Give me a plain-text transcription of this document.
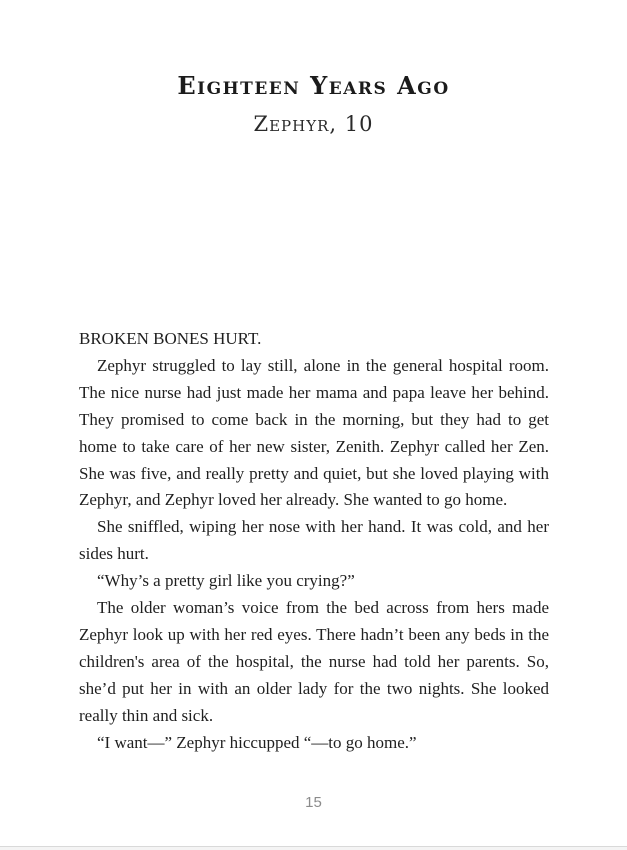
Eighteen Years Ago
Zephyr, 10

BROKEN BONES HURT.

Zephyr struggled to lay still, alone in the general hospital room. The nice nurse had just made her mama and papa leave her behind. They promised to come back in the morning, but they had to get home to take care of her new sister, Zenith. Zephyr called her Zen. She was five, and really pretty and quiet, but she loved playing with Zephyr, and Zephyr loved her already. She wanted to go home.

She sniffled, wiping her nose with her hand. It was cold, and her sides hurt.

“Why’s a pretty girl like you crying?”

The older woman’s voice from the bed across from hers made Zephyr look up with her red eyes. There hadn’t been any beds in the children's area of the hospital, the nurse had told her parents. So, she’d put her in with an older lady for the two nights. She looked really thin and sick.

“I want—” Zephyr hiccupped “—to go home.”

15
